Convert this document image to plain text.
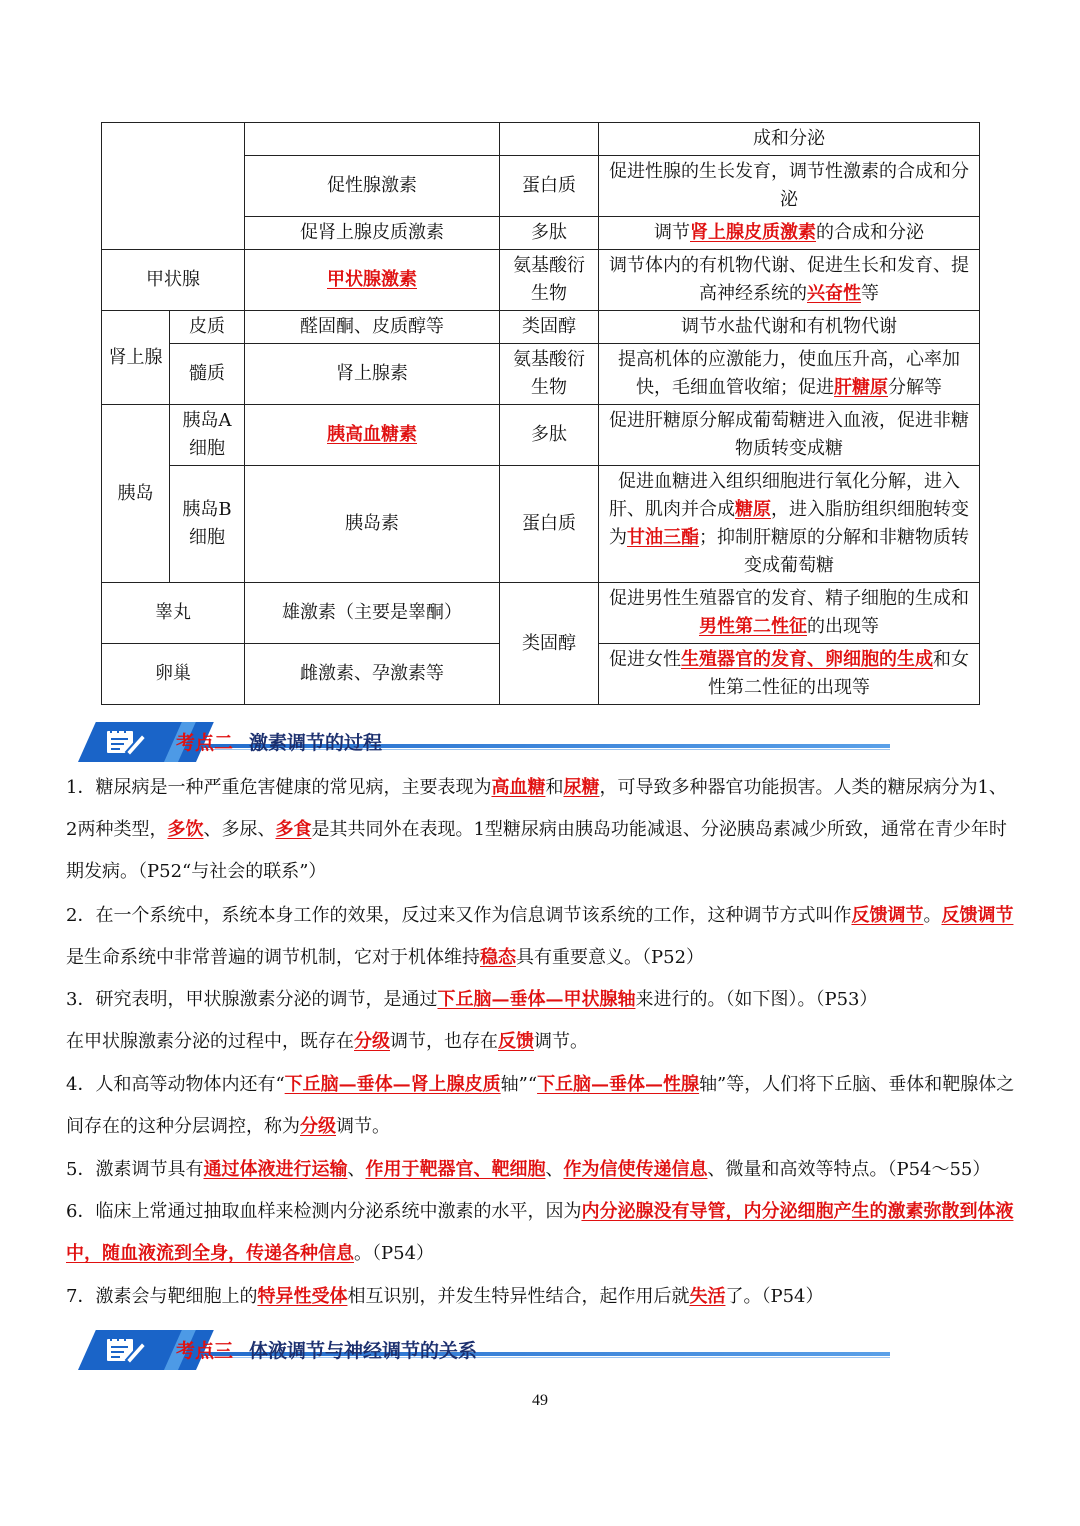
				成和分泌
		促性腺激素	蛋白质	促进性腺的生长发育，调节性激素的合成和分泌
		促肾上腺皮质激素	多肽	调节肾上腺皮质激素的合成和分泌
甲状腺		甲状腺激素	氨基酸衍生物	调节体内的有机物代谢、促进生长和发育、提高神经系统的兴奋性等
肾上腺	皮质	醛固酮、皮质醇等	类固醇	调节水盐代谢和有机物代谢
	髓质	肾上腺素	氨基酸衍生物	提高机体的应激能力，使血压升高，心率加快，毛细血管收缩；促进肝糖原分解等
胰岛	胰岛A细胞	胰高血糖素	多肽	促进肝糖原分解成葡萄糖进入血液，促进非糖物质转变成糖
	胰岛B细胞	胰岛素	蛋白质	促进血糖进入组织细胞进行氧化分解，进入肝、肌肉并合成糖原，进入脂肪组织细胞转变为甘油三酯；抑制肝糖原的分解和非糖物质转变成葡萄糖
睾丸		雄激素（主要是睾酮）	类固醇	促进男性生殖器官的发育、精子细胞的生成和男性第二性征的出现等
卵巢		雌激素、孕激素等		促进女性生殖器官的发育、卵细胞的生成和女性第二性征的出现等
考点二 激素调节的过程
1．糖尿病是一种严重危害健康的常见病，主要表现为高血糖和尿糖，可导致多种器官功能损害。人类的糖尿病分为1、2两种类型，多饮、多尿、多食是其共同外在表现。1型糖尿病由胰岛功能减退、分泌胰岛素减少所致，通常在青少年时期发病。（P52“与社会的联系”）
2．在一个系统中，系统本身工作的效果，反过来又作为信息调节该系统的工作，这种调节方式叫作反馈调节。反馈调节是生命系统中非常普遍的调节机制，它对于机体维持稳态具有重要意义。（P52）
3．研究表明，甲状腺激素分泌的调节，是通过下丘脑—垂体—甲状腺轴来进行的。（如下图）。（P53）
在甲状腺激素分泌的过程中，既存在分级调节，也存在反馈调节。
4．人和高等动物体内还有“下丘脑—垂体—肾上腺皮质轴”“下丘脑—垂体—性腺轴”等，人们将下丘脑、垂体和靶腺体之间存在的这种分层调控，称为分级调节。
5．激素调节具有通过体液进行运输、作用于靶器官、靶细胞、作为信使传递信息、微量和高效等特点。（P54～55）
6．临床上常通过抽取血样来检测内分泌系统中激素的水平，因为内分泌腺没有导管，内分泌细胞产生的激素弥散到体液中，随血液流到全身，传递各种信息。（P54）
7．激素会与靶细胞上的特异性受体相互识别，并发生特异性结合，起作用后就失活了。（P54）
考点三 体液调节与神经调节的关系
49
